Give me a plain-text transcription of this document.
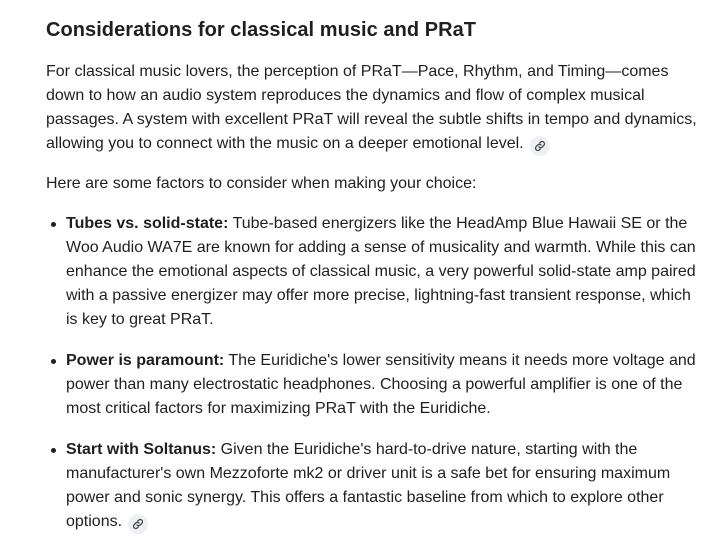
Considerations for classical music and PRaT

For classical music lovers, the perception of PRaT—Pace, Rhythm, and Timing—comes down to how an audio system reproduces the dynamics and flow of complex musical passages. A system with excellent PRaT will reveal the subtle shifts in tempo and dynamics, allowing you to connect with the music on a deeper emotional level.

Here are some factors to consider when making your choice:

Tubes vs. solid-state: Tube-based energizers like the HeadAmp Blue Hawaii SE or the Woo Audio WA7E are known for adding a sense of musicality and warmth. While this can enhance the emotional aspects of classical music, a very powerful solid-state amp paired with a passive energizer may offer more precise, lightning-fast transient response, which is key to great PRaT.
Power is paramount: The Euridiche's lower sensitivity means it needs more voltage and power than many electrostatic headphones. Choosing a powerful amplifier is one of the most critical factors for maximizing PRaT with the Euridiche.
Start with Soltanus: Given the Euridiche's hard-to-drive nature, starting with the manufacturer's own Mezzoforte mk2 or driver unit is a safe bet for ensuring maximum power and sonic synergy. This offers a fantastic baseline from which to explore other options.
